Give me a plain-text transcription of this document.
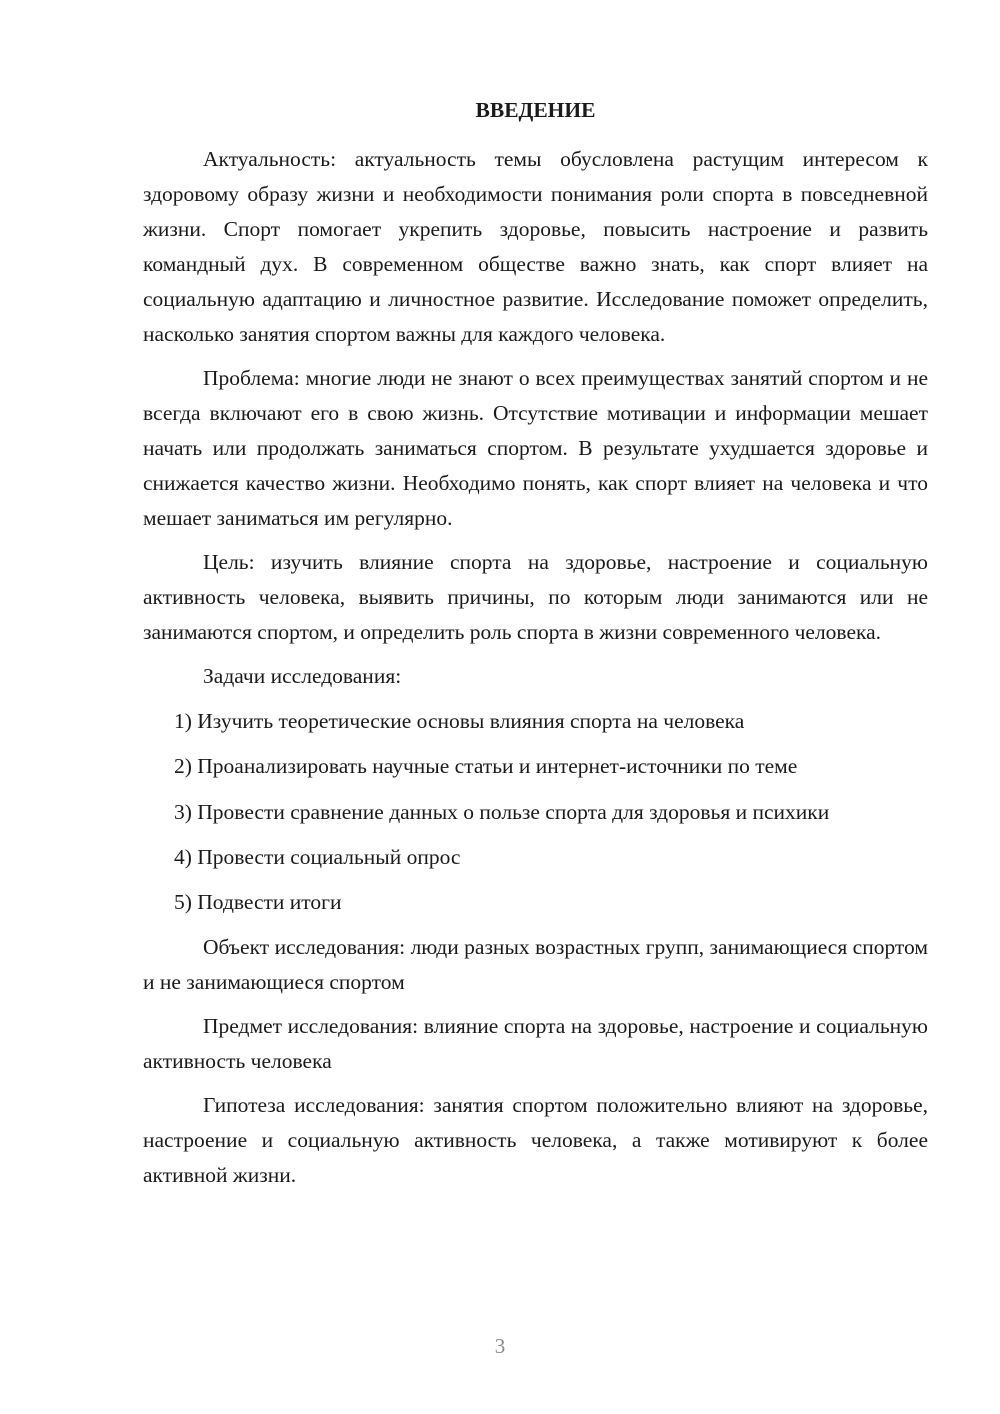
ВВЕДЕНИЕ

Актуальность: актуальность темы обусловлена растущим интересом к здоровому образу жизни и необходимости понимания роли спорта в повседневной жизни. Спорт помогает укрепить здоровье, повысить настроение и развить командный дух. В современном обществе важно знать, как спорт влияет на социальную адаптацию и личностное развитие. Исследование поможет определить, насколько занятия спортом важны для каждого человека.

Проблема: многие люди не знают о всех преимуществах занятий спортом и не всегда включают его в свою жизнь. Отсутствие мотивации и информации мешает начать или продолжать заниматься спортом. В результате ухудшается здоровье и снижается качество жизни. Необходимо понять, как спорт влияет на человека и что мешает заниматься им регулярно.

Цель: изучить влияние спорта на здоровье, настроение и социальную активность человека, выявить причины, по которым люди занимаются или не занимаются спортом, и определить роль спорта в жизни современного человека.

Задачи исследования:
1) Изучить теоретические основы влияния спорта на человека
2) Проанализировать научные статьи и интернет-источники по теме
3) Провести сравнение данных о пользе спорта для здоровья и психики
4) Провести социальный опрос
5) Подвести итоги

Объект исследования: люди разных возрастных групп, занимающиеся спортом и не занимающиеся спортом

Предмет исследования: влияние спорта на здоровье, настроение и социальную активность человека

Гипотеза исследования: занятия спортом положительно влияют на здоровье, настроение и социальную активность человека, а также мотивируют к более активной жизни.

3
